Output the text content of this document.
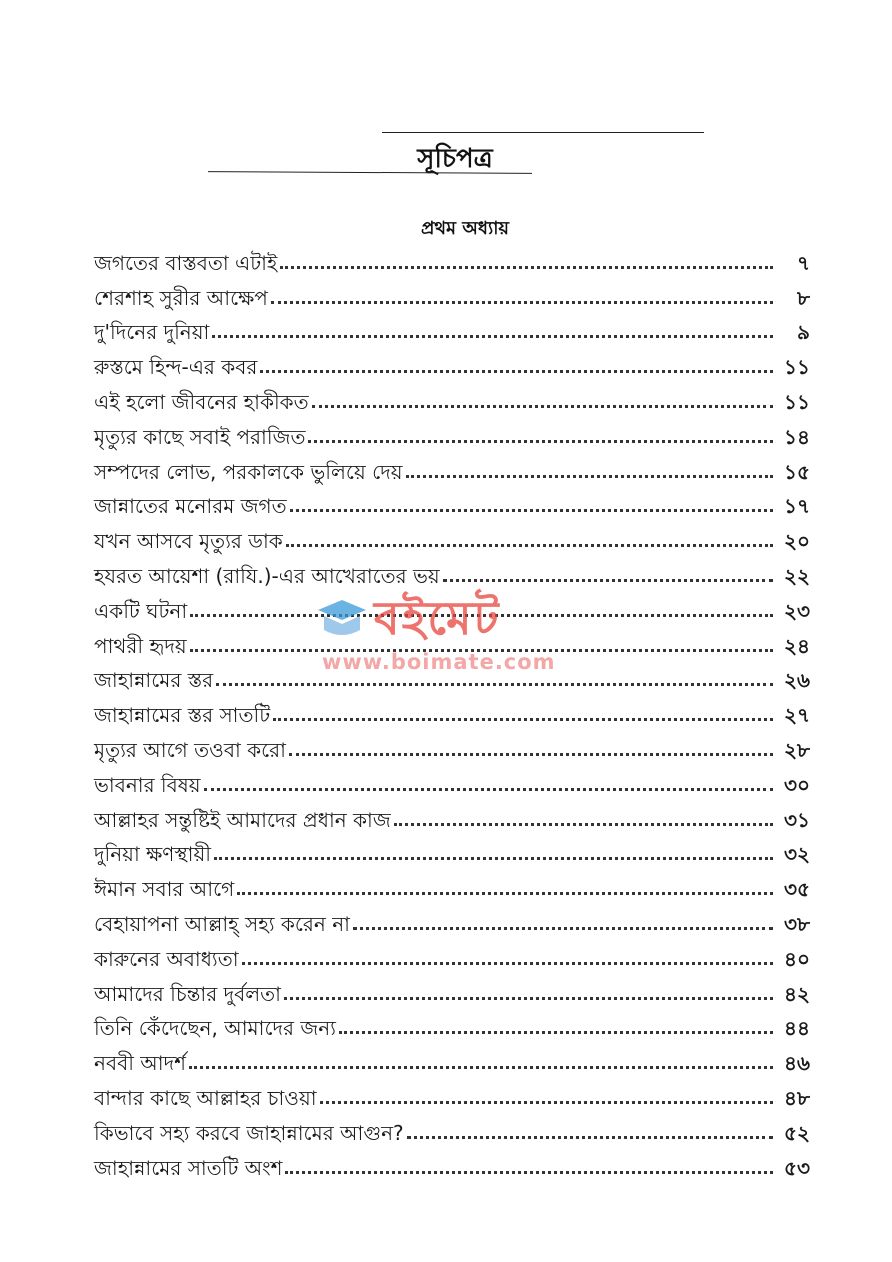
সূচিপত্র
প্রথম অধ্যায়
জগতের বাস্তবতা এটাই	৭
শেরশাহ সুরীর আক্ষেপ	৮
দু'দিনের দুনিয়া	৯
রুস্তমে হিন্দ-এর কবর	১১
এই হলো জীবনের হাকীকত	১১
মৃত্যুর কাছে সবাই পরাজিত	১৪
সম্পদের লোভ, পরকালকে ভুলিয়ে দেয়	১৫
জান্নাতের মনোরম জগত	১৭
যখন আসবে মৃত্যুর ডাক	২০
হযরত আয়েশা (রাযি.)-এর আখেরাতের ভয়	২২
একটি ঘটনা	২৩
পাথরী হৃদয়	২৪
জাহান্নামের স্তর	২৬
জাহান্নামের স্তর সাতটি	২৭
মৃত্যুর আগে তওবা করো	২৮
ভাবনার বিষয়	৩০
আল্লাহর সন্তুষ্টিই আমাদের প্রধান কাজ	৩১
দুনিয়া ক্ষণস্থায়ী	৩২
ঈমান সবার আগে	৩৫
বেহায়াপনা আল্লাহ্ সহ্য করেন না	৩৮
কারুনের অবাধ্যতা	৪০
আমাদের চিন্তার দুর্বলতা	৪২
তিনি কেঁদেছেন, আমাদের জন্য	৪৪
নববী আদর্শ	৪৬
বান্দার কাছে আল্লাহর চাওয়া	৪৮
কিভাবে সহ্য করবে জাহান্নামের আগুন?	৫২
জাহান্নামের সাতটি অংশ	৫৩
বইমেট
www.boimate.com
